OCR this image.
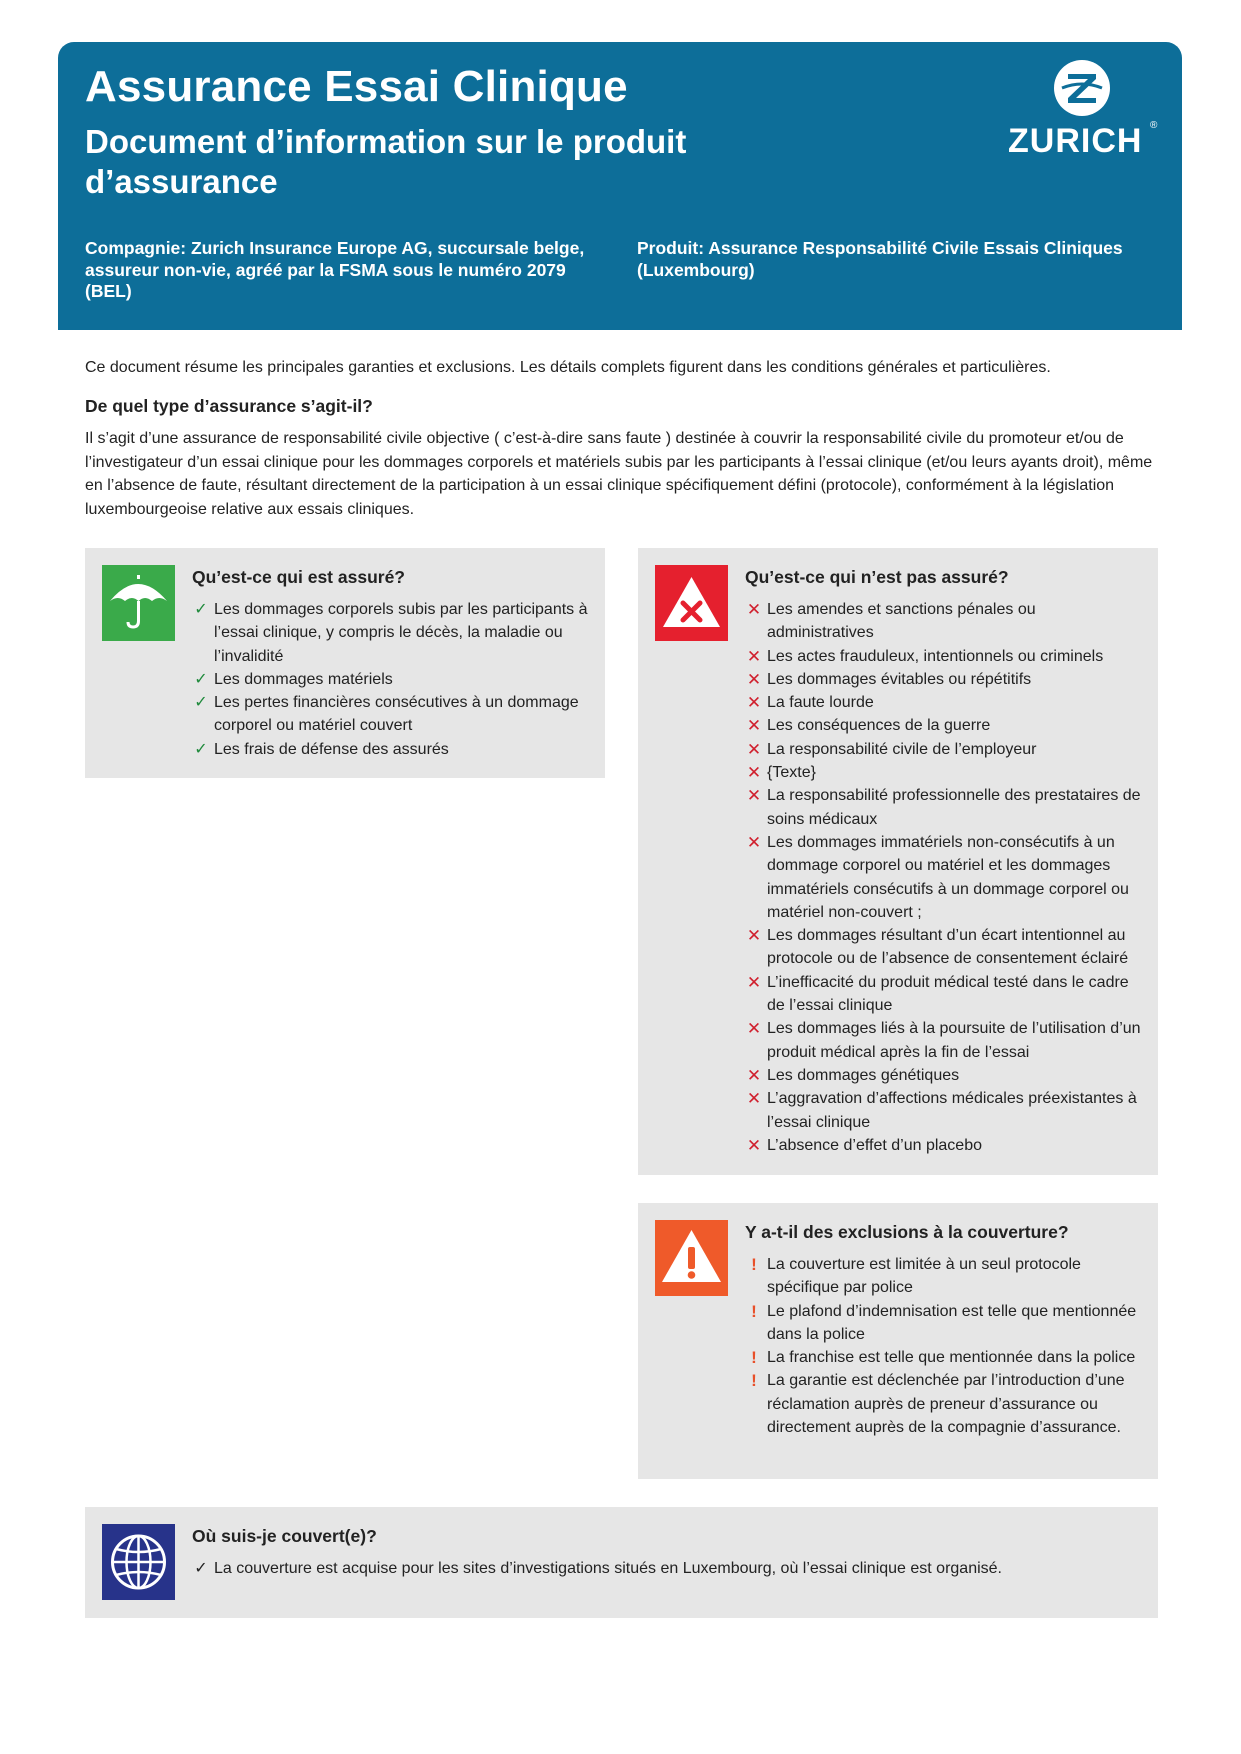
Assurance Essai Clinique
Document d’information sur le produit d’assurance
Compagnie: Zurich Insurance Europe AG, succursale belge, assureur non-vie, agréé par la FSMA sous le numéro 2079 (BEL)
Produit: Assurance Responsabilité Civile Essais Cliniques (Luxembourg)
ZURICH ®
Ce document résume les principales garanties et exclusions. Les détails complets figurent dans les conditions générales et particulières.
De quel type d’assurance s’agit-il?
Il s’agit d’une assurance de responsabilité civile objective ( c’est-à-dire sans faute ) destinée à couvrir la responsabilité civile du promoteur et/ou de l’investigateur d’un essai clinique pour les dommages corporels et matériels subis par les participants à l’essai clinique (et/ou leurs ayants droit), même en l’absence de faute, résultant directement de la participation à un essai clinique spécifiquement défini (protocole), conformément à la législation luxembourgeoise relative aux essais cliniques.
Qu’est-ce qui est assuré?
✓ Les dommages corporels subis par les participants à l’essai clinique, y compris le décès, la maladie ou l’invalidité
✓ Les dommages matériels
✓ Les pertes financières consécutives à un dommage corporel ou matériel couvert
✓ Les frais de défense des assurés
Qu’est-ce qui n’est pas assuré?
✕ Les amendes et sanctions pénales ou administratives
✕ Les actes frauduleux, intentionnels ou criminels
✕ Les dommages évitables ou répétitifs
✕ La faute lourde
✕ Les conséquences de la guerre
✕ La responsabilité civile de l’employeur
✕ {Texte}
✕ La responsabilité professionnelle des prestataires de soins médicaux
✕ Les dommages immatériels non-consécutifs à un dommage corporel ou matériel et les dommages immatériels consécutifs à un dommage corporel ou matériel non-couvert ;
✕ Les dommages résultant d’un écart intentionnel au protocole ou de l’absence de consentement éclairé
✕ L’inefficacité du produit médical testé dans le cadre de l’essai clinique
✕ Les dommages liés à la poursuite de l’utilisation d’un produit médical après la fin de l’essai
✕ Les dommages génétiques
✕ L’aggravation d’affections médicales préexistantes à l’essai clinique
✕ L’absence d’effet d’un placebo
Y a-t-il des exclusions à la couverture?
! La couverture est limitée à un seul protocole spécifique par police
! Le plafond d’indemnisation est telle que mentionnée dans la police
! La franchise est telle que mentionnée dans la police
! La garantie est déclenchée par l’introduction d’une réclamation auprès de preneur d’assurance ou directement auprès de la compagnie d’assurance.
Où suis-je couvert(e)?
✓ La couverture est acquise pour les sites d’investigations situés en Luxembourg, où l’essai clinique est organisé.
